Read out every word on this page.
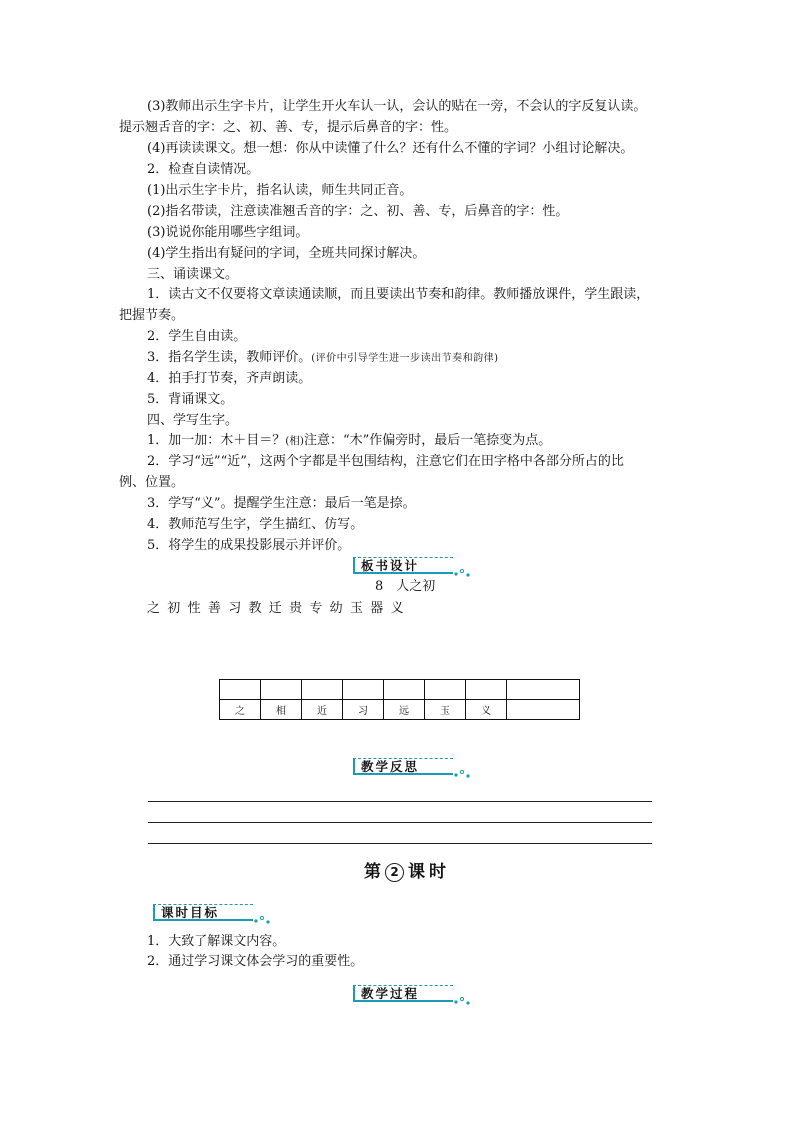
(3)教师出示生字卡片，让学生开火车认一认，会认的贴在一旁，不会认的字反复认读。
提示翘舌音的字：之、初、善、专，提示后鼻音的字：性。
(4)再读读课文。想一想：你从中读懂了什么？还有什么不懂的字词？小组讨论解决。
2．检查自读情况。
(1)出示生字卡片，指名认读，师生共同正音。
(2)指名带读，注意读准翘舌音的字：之、初、善、专，后鼻音的字：性。
(3)说说你能用哪些字组词。
(4)学生指出有疑问的字词，全班共同探讨解决。
三、诵读课文。
1．读古文不仅要将文章读通读顺，而且要读出节奏和韵律。教师播放课件，学生跟读，
把握节奏。
2．学生自由读。
3．指名学生读，教师评价。(评价中引导学生进一步读出节奏和韵律)
4．拍手打节奏，齐声朗读。
5．背诵课文。
四、学写生字。
1．加一加：木＋目＝？(相)注意：“木”作偏旁时，最后一笔捺变为点。
2．学习“远”“近”，这两个字都是半包围结构，注意它们在田字格中各部分所占的比
例、位置。
3．学写“义”。提醒学生注意：最后一笔是捺。
4．教师范写生字，学生描红、仿写。
5．将学生的成果投影展示并评价。
板书设计
8　人之初
之 初 性 善 习 教 迁 贵 专 幼 玉 器 义

之	相	近	习	远	玉	义	
教学反思
第 2 课时
课时目标
1．大致了解课文内容。
2．通过学习课文体会学习的重要性。
教学过程
